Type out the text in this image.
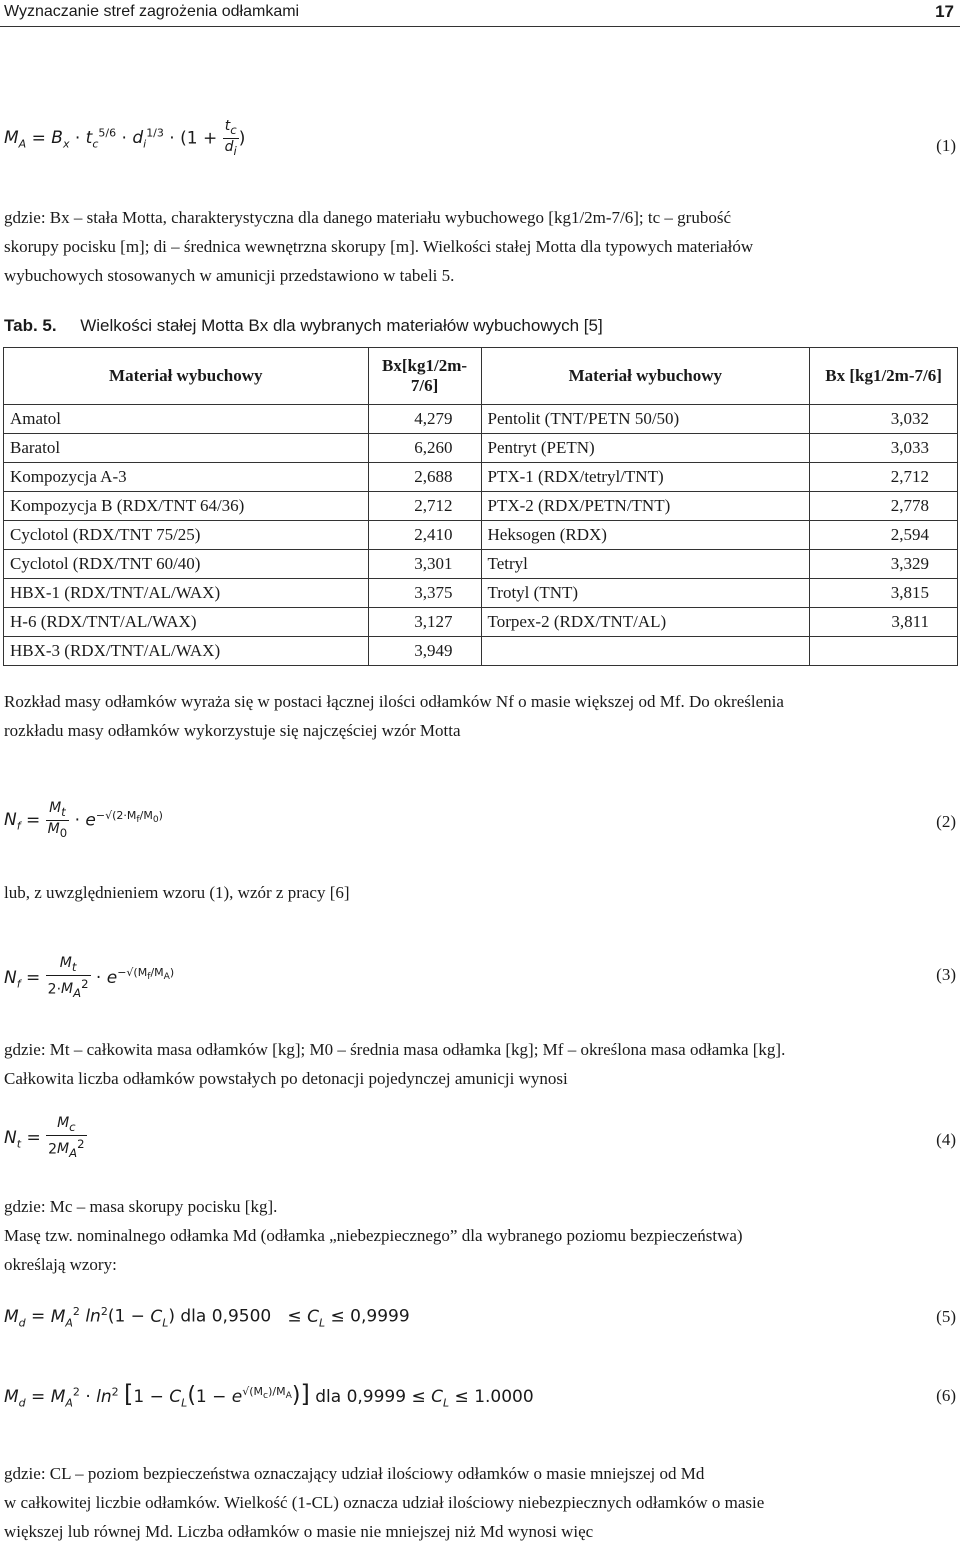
Wyznaczanie stref zagrożenia odłamkami	17
$M_A = B_x \cdot t_c^{5/6} \cdot d_i^{1/3} \cdot (1 + \frac{t_c}{d_i}$ )	(1)

gdzie: Bx – stała Motta, charakterystyczna dla danego materiału wybuchowego [kg1/2m-7/6]; tc – grubość

skorupy pocisku [m]; di – średnica wewnętrzna skorupy [m]. Wielkości stałej Motta dla typowych materiałów

wybuchowych stosowanych w amunicji przedstawiono w tabeli 5.

Tab. 5. Wielkości stałej Motta Bx dla wybranych materiałów wybuchowych [5]
Materiał wybuchowy	Bx[kg1/2m-7/6]	Materiał wybuchowy	Bx [kg1/2m-7/6]
Amatol	4,279	Pentolit (TNT/PETN 50/50)	3,032
Baratol	6,260	Pentryt (PETN)	3,033
Kompozycja A-3	2,688	PTX-1 (RDX/tetryl/TNT)	2,712
Kompozycja B (RDX/TNT 64/36)	2,712	PTX-2 (RDX/PETN/TNT)	2,778
Cyclotol (RDX/TNT 75/25)	2,410	Heksogen (RDX)	2,594
Cyclotol (RDX/TNT 60/40)	3,301	Tetryl	3,329
HBX-1 (RDX/TNT/AL/WAX)	3,375	Trotyl (TNT)	3,815
H-6 (RDX/TNT/AL/WAX)	3,127	Torpex-2 (RDX/TNT/AL)	3,811
HBX-3 (RDX/TNT/AL/WAX)	3,949		

Rozkład masy odłamków wyraża się w postaci łącznej ilości odłamków Nf o masie większej od Mf. Do określenia

rozkładu masy odłamków wykorzystuje się najczęściej wzór Motta

$N_f = \frac{M_t}{M_0} \cdot e^{-√(2\cdot M_f/M_0)}$	(2)

lub, z uwzględnieniem wzoru (1), wzór z pracy [6]

$N_f = \frac{M_t}{2\cdot M_A^2} \cdot e^{-√(M_f/M_A)}$	(3)

gdzie: Mt – całkowita masa odłamków [kg]; M0 – średnia masa odłamka [kg]; Mf – określona masa odłamka [kg].

Całkowita liczba odłamków powstałych po detonacji pojedynczej amunicji wynosi

$N_t = \frac{M_c}{2M_A^2}$	(4)

gdzie: Mc – masa skorupy pocisku [kg].

Masę tzw. nominalnego odłamka Md (odłamka „niebezpiecznego” dla wybranego poziomu bezpieczeństwa)

określają wzory:

$M_d = M_A^2$ $\ln^2(1 - C_L)$ dla $0,9500 \le C_L \le 0,9999$	(5)
$M_d = M_A^2 \cdot \ln^2 [1 - C_L(1 - e^{√(M_c)/M_A})]$ dla $0,9999 \le C_L \le 1.0000$	(6)

gdzie: CL – poziom bezpieczeństwa oznaczający udział ilościowy odłamków o masie mniejszej od Md

w całkowitej liczbie odłamków. Wielkość (1-CL) oznacza udział ilościowy niebezpiecznych odłamków o masie

większej lub równej Md. Liczba odłamków o masie nie mniejszej niż Md wynosi więc
